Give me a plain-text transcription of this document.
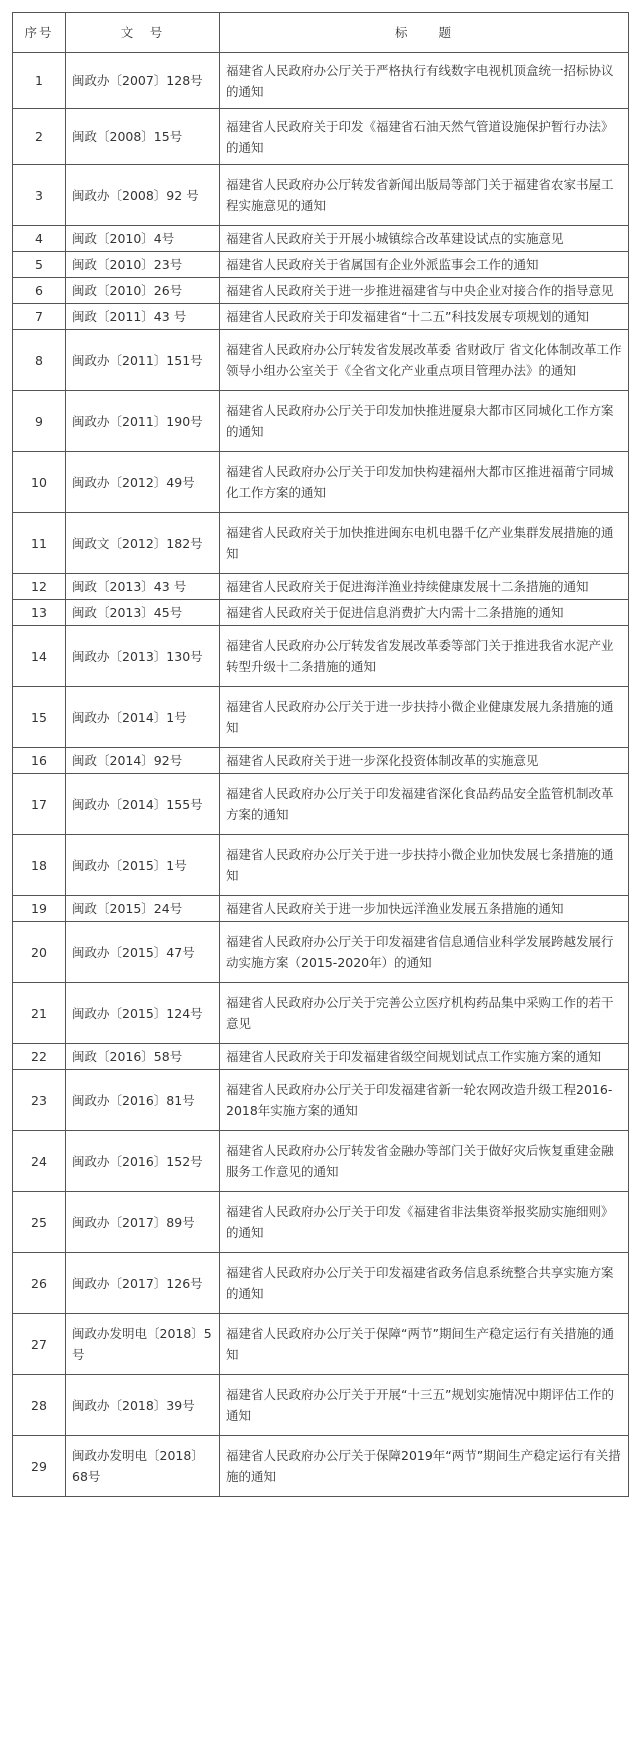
序号	文　号	标　　题
1	闽政办〔2007〕128号	福建省人民政府办公厅关于严格执行有线数字电视机顶盒统一招标协议的通知
2	闽政〔2008〕15号	福建省人民政府关于印发《福建省石油天然气管道设施保护暂行办法》的通知
3	闽政办〔2008〕92 号	福建省人民政府办公厅转发省新闻出版局等部门关于福建省农家书屋工程实施意见的通知
4	闽政〔2010〕4号	福建省人民政府关于开展小城镇综合改革建设试点的实施意见
5	闽政〔2010〕23号	福建省人民政府关于省属国有企业外派监事会工作的通知
6	闽政〔2010〕26号	福建省人民政府关于进一步推进福建省与中央企业对接合作的指导意见
7	闽政〔2011〕43 号	福建省人民政府关于印发福建省“十二五”科技发展专项规划的通知
8	闽政办〔2011〕151号	福建省人民政府办公厅转发省发展改革委 省财政厅 省文化体制改革工作领导小组办公室关于《全省文化产业重点项目管理办法》的通知
9	闽政办〔2011〕190号	福建省人民政府办公厅关于印发加快推进厦泉大都市区同城化工作方案的通知
10	闽政办〔2012〕49号	福建省人民政府办公厅关于印发加快构建福州大都市区推进福莆宁同城化工作方案的通知
11	闽政文〔2012〕182号	福建省人民政府关于加快推进闽东电机电器千亿产业集群发展措施的通知
12	闽政〔2013〕43 号	福建省人民政府关于促进海洋渔业持续健康发展十二条措施的通知
13	闽政〔2013〕45号	福建省人民政府关于促进信息消费扩大内需十二条措施的通知
14	闽政办〔2013〕130号	福建省人民政府办公厅转发省发展改革委等部门关于推进我省水泥产业转型升级十二条措施的通知
15	闽政办〔2014〕1号	福建省人民政府办公厅关于进一步扶持小微企业健康发展九条措施的通知
16	闽政〔2014〕92号	福建省人民政府关于进一步深化投资体制改革的实施意见
17	闽政办〔2014〕155号	福建省人民政府办公厅关于印发福建省深化食品药品安全监管机制改革方案的通知
18	闽政办〔2015〕1号	福建省人民政府办公厅关于进一步扶持小微企业加快发展七条措施的通知
19	闽政〔2015〕24号	福建省人民政府关于进一步加快远洋渔业发展五条措施的通知
20	闽政办〔2015〕47号	福建省人民政府办公厅关于印发福建省信息通信业科学发展跨越发展行动实施方案（2015-2020年）的通知
21	闽政办〔2015〕124号	福建省人民政府办公厅关于完善公立医疗机构药品集中采购工作的若干意见
22	闽政〔2016〕58号	福建省人民政府关于印发福建省级空间规划试点工作实施方案的通知
23	闽政办〔2016〕81号	福建省人民政府办公厅关于印发福建省新一轮农网改造升级工程2016-2018年实施方案的通知
24	闽政办〔2016〕152号	福建省人民政府办公厅转发省金融办等部门关于做好灾后恢复重建金融服务工作意见的通知
25	闽政办〔2017〕89号	福建省人民政府办公厅关于印发《福建省非法集资举报奖励实施细则》的通知
26	闽政办〔2017〕126号	福建省人民政府办公厅关于印发福建省政务信息系统整合共享实施方案的通知
27	闽政办发明电〔2018〕5号	福建省人民政府办公厅关于保障“两节”期间生产稳定运行有关措施的通知
28	闽政办〔2018〕39号	福建省人民政府办公厅关于开展“十三五”规划实施情况中期评估工作的通知
29	闽政办发明电〔2018〕68号	福建省人民政府办公厅关于保障2019年“两节”期间生产稳定运行有关措施的通知
